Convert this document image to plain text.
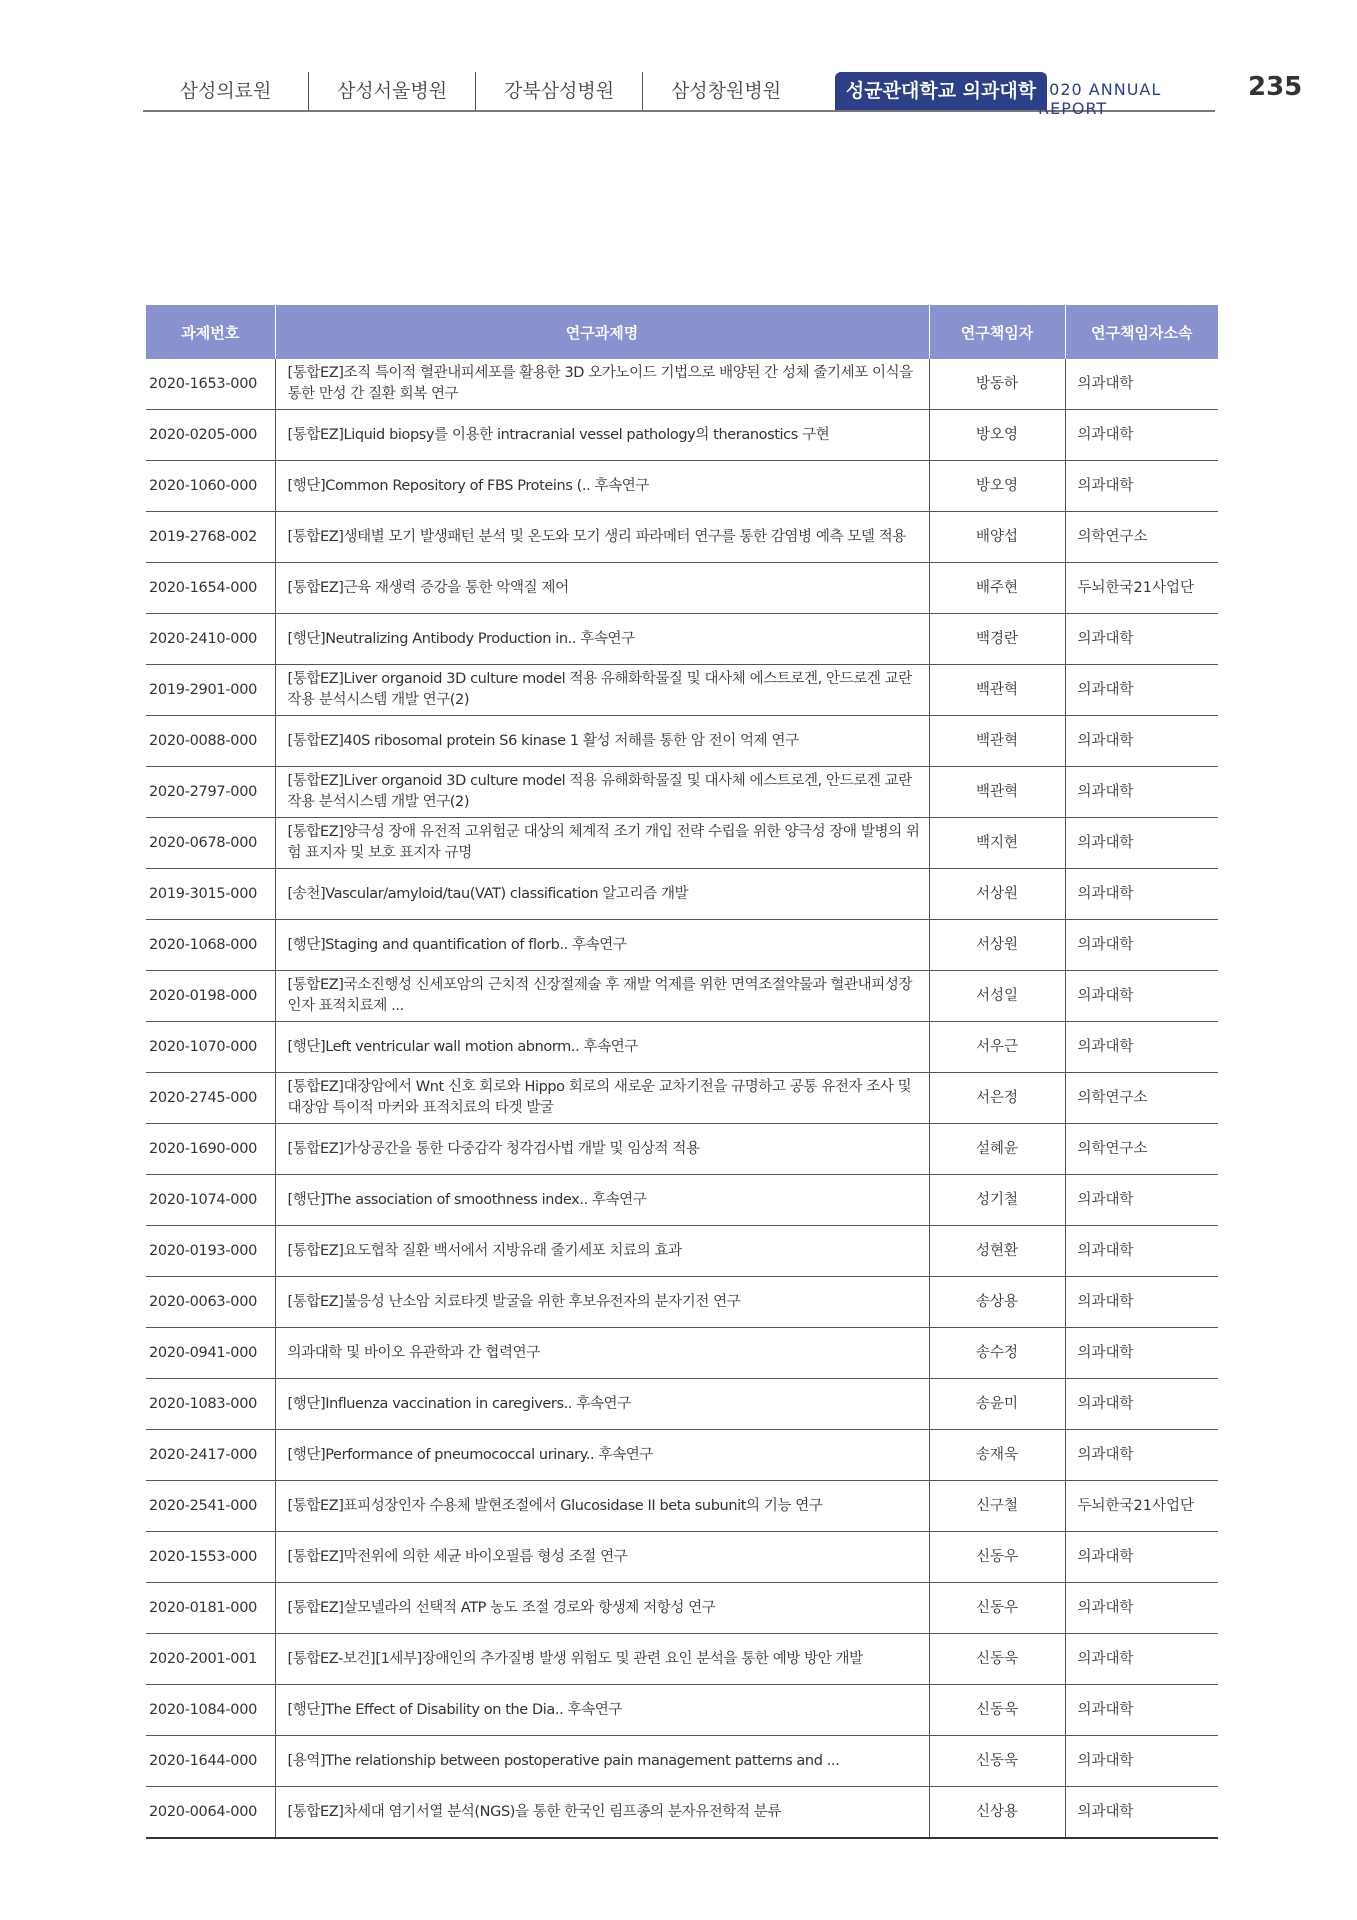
삼성의료원	삼성서울병원	강북삼성병원	삼성창원병원	성균관대학교 의과대학 2020 ANNUAL REPORT
235
과제번호	연구과제명	연구책임자	연구책임자소속
2020-1653-000	[통합EZ]조직 특이적 혈관내피세포를 활용한 3D 오가노이드 기법으로 배양된 간 성체 줄기세포 이식을 통한 만성 간 질환 회복 연구	방동하	의과대학
2020-0205-000	[통합EZ]Liquid biopsy를 이용한 intracranial vessel pathology의 theranostics 구현	방오영	의과대학
2020-1060-000	[행단]Common Repository of FBS Proteins (.. 후속연구	방오영	의과대학
2019-2768-002	[통합EZ]생태별 모기 발생패턴 분석 및 온도와 모기 생리 파라메터 연구를 통한 감염병 예측 모델 적용	배양섭	의학연구소
2020-1654-000	[통합EZ]근육 재생력 증강을 통한 악액질 제어	배주현	두뇌한국21사업단
2020-2410-000	[행단]Neutralizing Antibody Production in.. 후속연구	백경란	의과대학
2019-2901-000	[통합EZ]Liver organoid 3D culture model 적용 유해화학물질 및 대사체 에스트로겐, 안드로겐 교란작용 분석시스템 개발 연구(2)	백관혁	의과대학
2020-0088-000	[통합EZ]40S ribosomal protein S6 kinase 1 활성 저해를 통한 암 전이 억제 연구	백관혁	의과대학
2020-2797-000	[통합EZ]Liver organoid 3D culture model 적용 유해화학물질 및 대사체 에스트로겐, 안드로겐 교란작용 분석시스템 개발 연구(2)	백관혁	의과대학
2020-0678-000	[통합EZ]양극성 장애 유전적 고위험군 대상의 체계적 조기 개입 전략 수립을 위한 양극성 장애 발병의 위험 표지자 및 보호 표지자 규명	백지현	의과대학
2019-3015-000	[송천]Vascular/amyloid/tau(VAT) classification 알고리즘 개발	서상원	의과대학
2020-1068-000	[행단]Staging and quantification of florb.. 후속연구	서상원	의과대학
2020-0198-000	[통합EZ]국소진행성 신세포암의 근치적 신장절제술 후 재발 억제를 위한 면역조절약물과 혈관내피성장인자 표적치료제 ...	서성일	의과대학
2020-1070-000	[행단]Left ventricular wall motion abnorm.. 후속연구	서우근	의과대학
2020-2745-000	[통합EZ]대장암에서 Wnt 신호 회로와 Hippo 회로의 새로운 교차기전을 규명하고 공통 유전자 조사 및 대장암 특이적 마커와 표적치료의 타겟 발굴	서은정	의학연구소
2020-1690-000	[통합EZ]가상공간을 통한 다중감각 청각검사법 개발 및 임상적 적용	설혜윤	의학연구소
2020-1074-000	[행단]The association of smoothness index.. 후속연구	성기철	의과대학
2020-0193-000	[통합EZ]요도협착 질환 백서에서 지방유래 줄기세포 치료의 효과	성현환	의과대학
2020-0063-000	[통합EZ]불응성 난소암 치료타겟 발굴을 위한 후보유전자의 분자기전 연구	송상용	의과대학
2020-0941-000	의과대학 및 바이오 유관학과 간 협력연구	송수정	의과대학
2020-1083-000	[행단]Influenza vaccination in caregivers.. 후속연구	송윤미	의과대학
2020-2417-000	[행단]Performance of pneumococcal urinary.. 후속연구	송재욱	의과대학
2020-2541-000	[통합EZ]표피성장인자 수용체 발현조절에서 Glucosidase II beta subunit의 기능 연구	신구철	두뇌한국21사업단
2020-1553-000	[통합EZ]막전위에 의한 세균 바이오필름 형성 조절 연구	신동우	의과대학
2020-0181-000	[통합EZ]살모넬라의 선택적 ATP 농도 조절 경로와 항생제 저항성 연구	신동우	의과대학
2020-2001-001	[통합EZ-보건][1세부]장애인의 추가질병 발생 위험도 및 관련 요인 분석을 통한 예방 방안 개발	신동욱	의과대학
2020-1084-000	[행단]The Effect of Disability on the Dia.. 후속연구	신동욱	의과대학
2020-1644-000	[용역]The relationship between postoperative pain management patterns and ...	신동욱	의과대학
2020-0064-000	[통합EZ]차세대 염기서열 분석(NGS)을 통한 한국인 림프종의 분자유전학적 분류	신상용	의과대학
